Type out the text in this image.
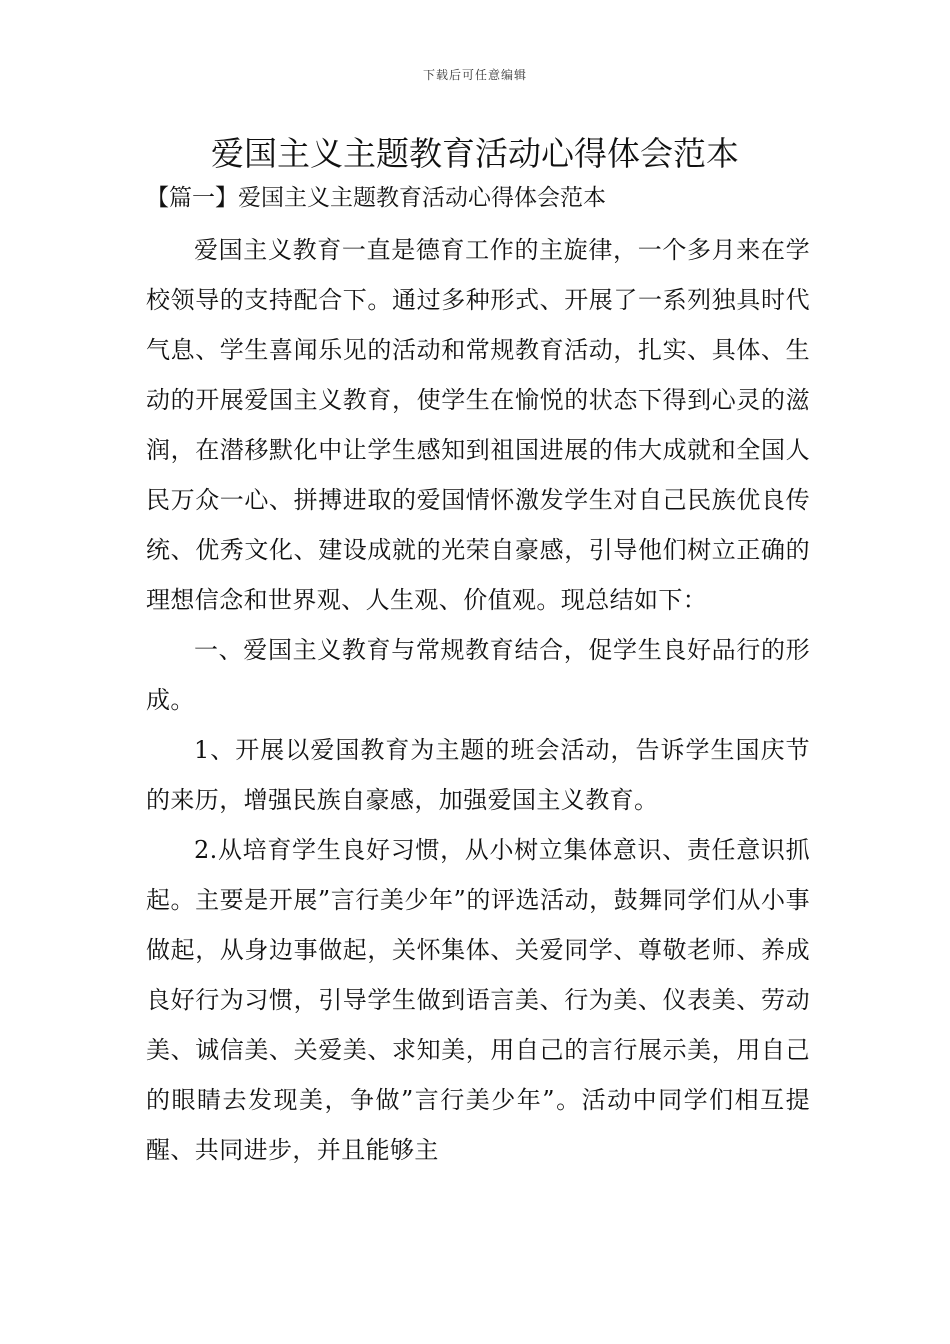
下载后可任意编辑
爱国主义主题教育活动心得体会范本
【篇一】爱国主义主题教育活动心得体会范本

爱国主义教育一直是德育工作的主旋律，一个多月来在学校领导的支持配合下。通过多种形式、开展了一系列独具时代气息、学生喜闻乐见的活动和常规教育活动，扎实、具体、生动的开展爱国主义教育，使学生在愉悦的状态下得到心灵的滋润，在潜移默化中让学生感知到祖国进展的伟大成就和全国人民万众一心、拼搏进取的爱国情怀激发学生对自己民族优良传统、优秀文化、建设成就的光荣自豪感，引导他们树立正确的理想信念和世界观、人生观、价值观。现总结如下：

一、爱国主义教育与常规教育结合，促学生良好品行的形成。

1、开展以爱国教育为主题的班会活动，告诉学生国庆节的来历，增强民族自豪感，加强爱国主义教育。

2.从培育学生良好习惯，从小树立集体意识、责任意识抓起。主要是开展”言行美少年”的评选活动，鼓舞同学们从小事做起，从身边事做起，关怀集体、关爱同学、尊敬老师、养成良好行为习惯，引导学生做到语言美、行为美、仪表美、劳动美、诚信美、关爱美、求知美，用自己的言行展示美，用自己的眼睛去发现美，争做”言行美少年”。活动中同学们相互提醒、共同进步，并且能够主
